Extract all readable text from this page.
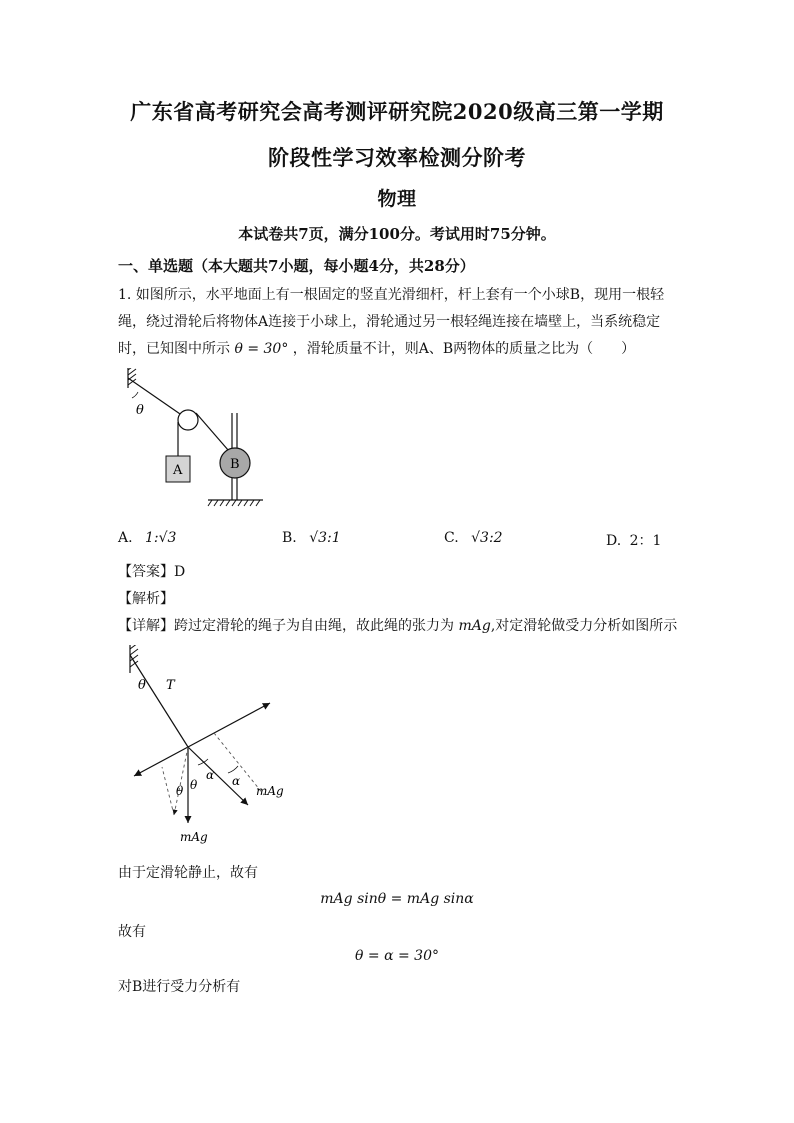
广东省高考研究会高考测评研究院2020级高三第一学期
阶段性学习效率检测分阶考
物理
本试卷共7页，满分100分。考试用时75分钟。
一、单选题（本大题共7小题，每小题4分，共28分）
1. 如图所示，水平地面上有一根固定的竖直光滑细杆，杆上套有一个小球B，现用一根轻
绳，绕过滑轮后将物体A连接于小球上，滑轮通过另一根轻绳连接在墙壁上，当系统稳定
时，已知图中所示 θ = 30° ，滑轮质量不计，则A、B两物体的质量之比为（　　）
θ
A	B
A. 1:√3	B. √3:1	C. √3:2	D. 2：1
【答案】D
【解析】
【详解】跨过定滑轮的绳子为自由绳，故此绳的张力为 mAg,对定滑轮做受力分析如图所示
θ T
α α
θ
θ	mAg
mAg
由于定滑轮静止，故有
mAg sinθ = mAg sinα
故有
θ = α = 30°
对B进行受力分析有
